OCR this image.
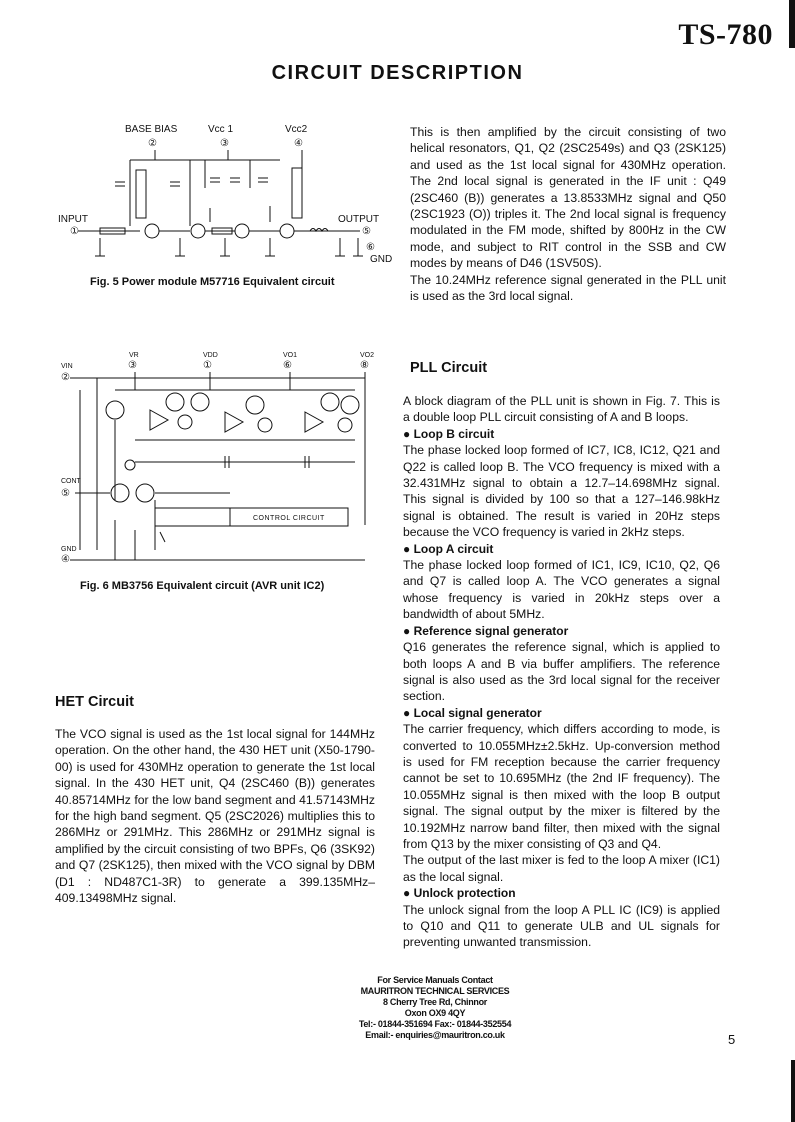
TS-780
CIRCUIT DESCRIPTION
BASE BIAS	Vcc 1	Vcc2
②	③	④
INPUT
①
OUTPUT
⑤
⑥
GND
Fig. 5 Power module M57716 Equivalent circuit
VR	VDD	VO1	VO2
③	①	⑥	⑧
VIN
②
CONT
⑤
GND
④
CONTROL CIRCUIT
Fig. 6 MB3756 Equivalent circuit (AVR unit IC2)
HET Circuit

The VCO signal is used as the 1st local signal for 144MHz operation. On the other hand, the 430 HET unit (X50-1790-00) is used for 430MHz operation to generate the 1st local signal. In the 430 HET unit, Q4 (2SC460 (B)) generates 40.85714MHz for the low band segment and 41.57143MHz for the high band segment. Q5 (2SC2026) multiplies this to 286MHz or 291MHz. This 286MHz or 291MHz signal is amplified by the circuit consisting of two BPFs, Q6 (3SK92) and Q7 (2SK125), then mixed with the VCO signal by DBM (D1 : ND487C1-3R) to generate a 399.135MHz–409.13498MHz signal.

This is then amplified by the circuit consisting of two helical resonators, Q1, Q2 (2SC2549s) and Q3 (2SK125) and used as the 1st local signal for 430MHz operation. The 2nd local signal is generated in the IF unit : Q49 (2SC460 (B)) generates a 13.8533MHz signal and Q50 (2SC1923 (O)) triples it. The 2nd local signal is frequency modulated in the FM mode, shifted by 800Hz in the CW mode, and subject to RIT control in the SSB and CW modes by means of D46 (1SV50S).

The 10.24MHz reference signal generated in the PLL unit is used as the 3rd local signal.

PLL Circuit

A block diagram of the PLL unit is shown in Fig. 7. This is a double loop PLL circuit consisting of A and B loops.

● Loop B circuit

The phase locked loop formed of IC7, IC8, IC12, Q21 and Q22 is called loop B. The VCO frequency is mixed with a 32.431MHz signal to obtain a 12.7–14.698MHz signal. This signal is divided by 100 so that a 127–146.98kHz signal is obtained. The result is varied in 20Hz steps because the VCO frequency is varied in 2kHz steps.

● Loop A circuit

The phase locked loop formed of IC1, IC9, IC10, Q2, Q6 and Q7 is called loop A. The VCO generates a signal whose frequency is varied in 20kHz steps over a bandwidth of about 5MHz.

● Reference signal generator

Q16 generates the reference signal, which is applied to both loops A and B via buffer amplifiers. The reference signal is also used as the 3rd local signal for the receiver section.

● Local signal generator

The carrier frequency, which differs according to mode, is converted to 10.055MHz±2.5kHz. Up-conversion method is used for FM reception because the carrier frequency cannot be set to 10.695MHz (the 2nd IF frequency). The 10.055MHz signal is then mixed with the loop B output signal. The signal output by the mixer is filtered by the 10.192MHz narrow band filter, then mixed with the signal from Q13 by the mixer consisting of Q3 and Q4.

The output of the last mixer is fed to the loop A mixer (IC1) as the local signal.

● Unlock protection

The unlock signal from the loop A PLL IC (IC9) is applied to Q10 and Q11 to generate ULB and UL signals for preventing unwanted transmission.

For Service Manuals Contact
MAURITRON TECHNICAL SERVICES
8 Cherry Tree Rd, Chinnor
Oxon OX9 4QY
Tel:- 01844-351694 Fax:- 01844-352554
Email:- enquiries@mauritron.co.uk	5
